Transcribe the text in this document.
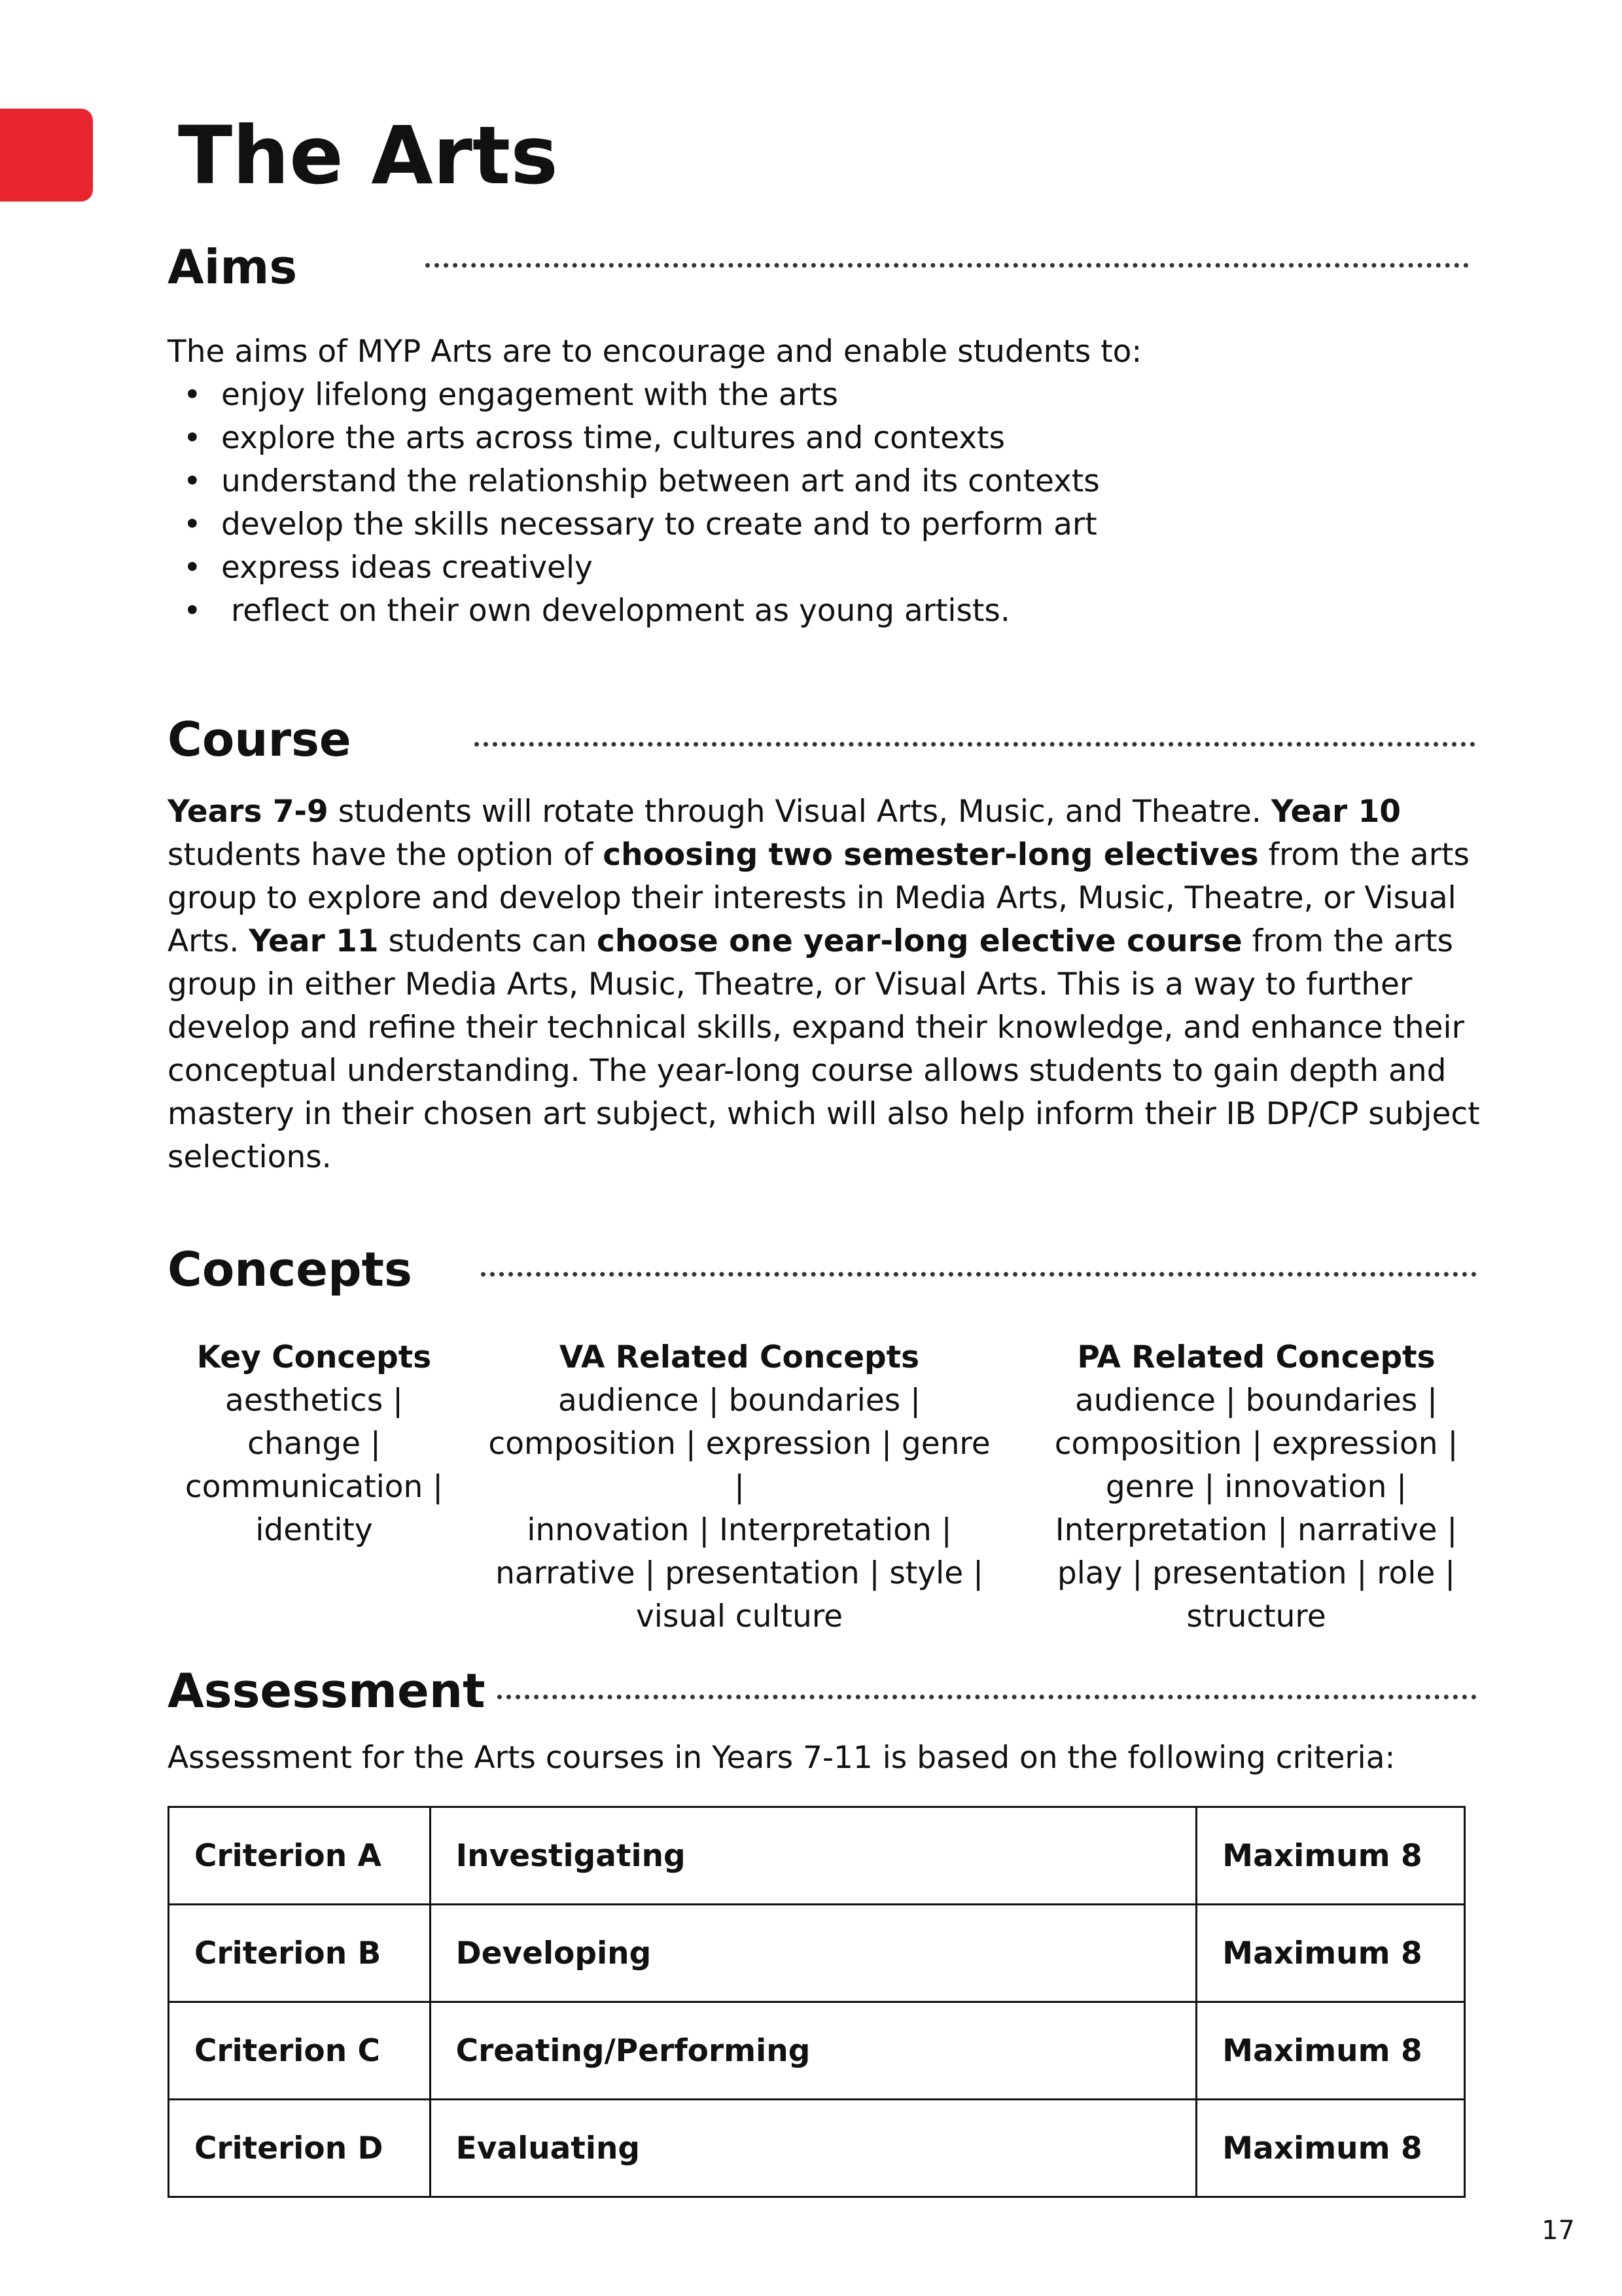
The Arts
Aims
The aims of MYP Arts are to encourage and enable students to:
• enjoy lifelong engagement with the arts
• explore the arts across time, cultures and contexts
• understand the relationship between art and its contexts
• develop the skills necessary to create and to perform art
• express ideas creatively
•  reflect on their own development as young artists.
Course
Years 7-9 students will rotate through Visual Arts, Music, and Theatre. Year 10 students have the option of choosing two semester-long electives from the arts group to explore and develop their interests in Media Arts, Music, Theatre, or Visual Arts. Year 11 students can choose one year-long elective course from the arts group in either Media Arts, Music, Theatre, or Visual Arts. This is a way to further develop and refine their technical skills, expand their knowledge, and enhance their conceptual understanding. The year-long course allows students to gain depth and mastery in their chosen art subject, which will also help inform their IB DP/CP subject selections.
Concepts
Key Concepts
aesthetics |
change |
communication |
identity
VA Related Concepts
audience | boundaries |
composition | expression | genre |
innovation | Interpretation |
narrative | presentation | style |
visual culture
PA Related Concepts
audience | boundaries |
composition | expression |
genre | innovation |
Interpretation | narrative |
play | presentation | role |
structure
Assessment
Assessment for the Arts courses in Years 7-11 is based on the following criteria:
Criterion A	Investigating	Maximum 8
Criterion B	Developing	Maximum 8
Criterion C	Creating/Performing	Maximum 8
Criterion D	Evaluating	Maximum 8
17
